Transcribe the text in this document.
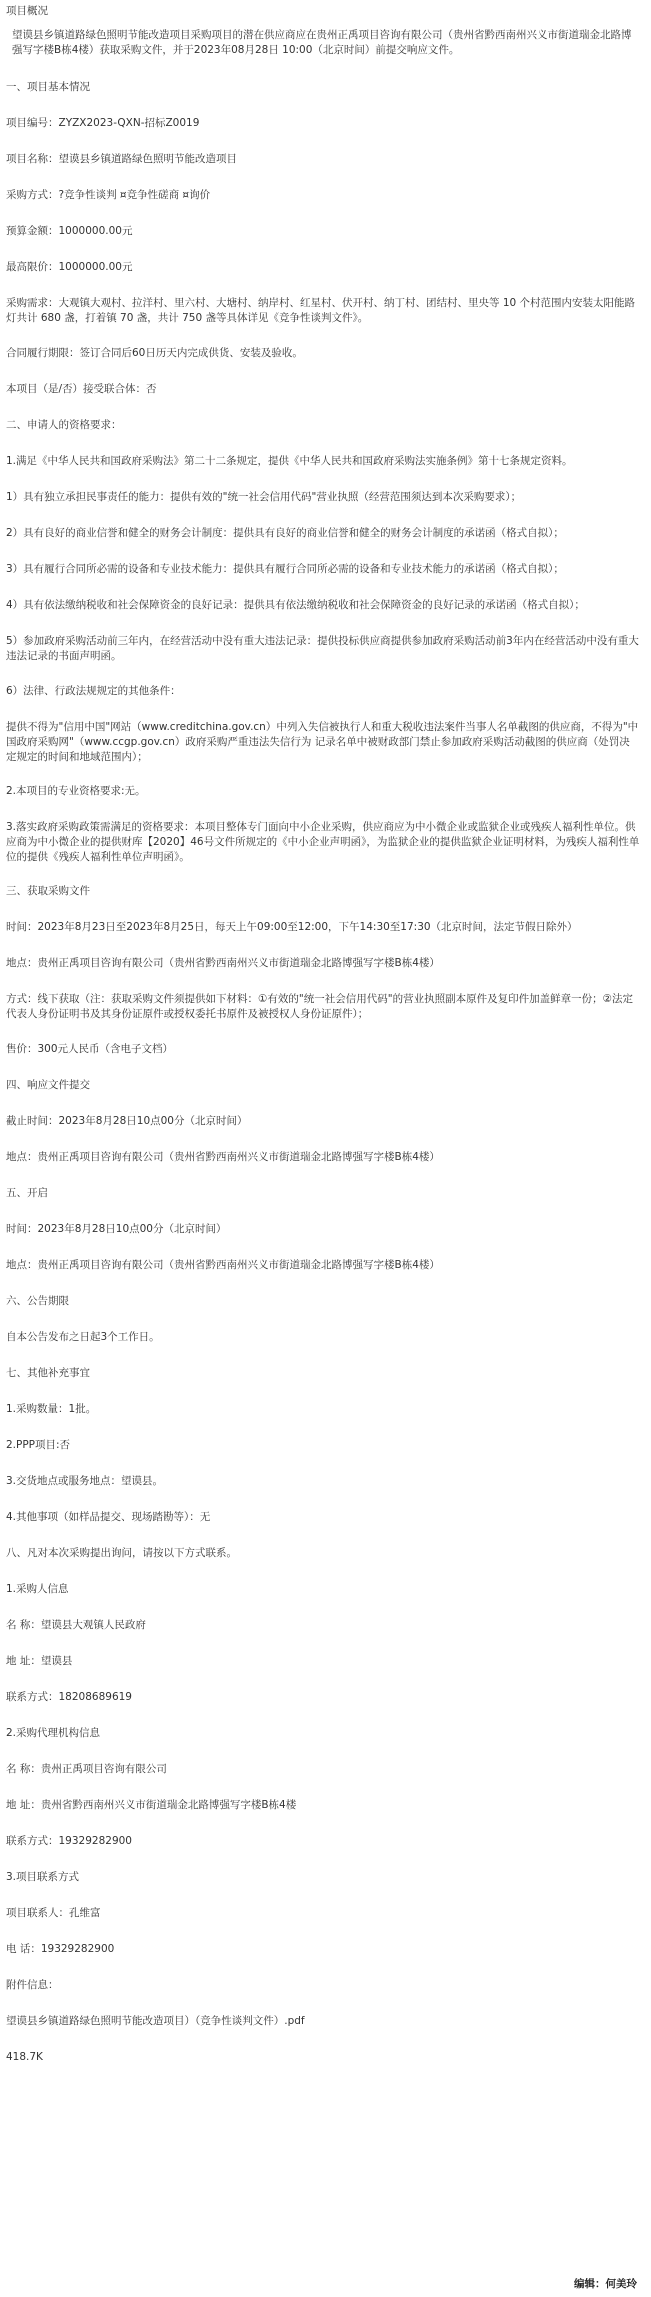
项目概况

望谟县乡镇道路绿色照明节能改造项目采购项目的潜在供应商应在贵州正禹项目咨询有限公司（贵州省黔西南州兴义市街道瑞金北路博强写字楼B栋4楼）获取采购文件，并于2023年08月28日 10:00（北京时间）前提交响应文件。

一、项目基本情况

项目编号：ZYZX2023-QXN-招标Z0019

项目名称：望谟县乡镇道路绿色照明节能改造项目

采购方式：?竞争性谈判 ¤竞争性磋商 ¤询价

预算金额：1000000.00元

最高限价：1000000.00元

采购需求：大观镇大观村、拉洋村、里六村、大塘村、纳岸村、红星村、伏开村、纳丁村、团结村、里央等 10 个村范围内安装太阳能路灯共计 680 盏，打着镇 70 盏，共计 750 盏等具体详见《竞争性谈判文件》。

合同履行期限：签订合同后60日历天内完成供货、安装及验收。

本项目（是/否）接受联合体：否

二、申请人的资格要求：

1.满足《中华人民共和国政府采购法》第二十二条规定，提供《中华人民共和国政府采购法实施条例》第十七条规定资料。

1）具有独立承担民事责任的能力：提供有效的"统一社会信用代码"营业执照（经营范围须达到本次采购要求）；

2）具有良好的商业信誉和健全的财务会计制度：提供具有良好的商业信誉和健全的财务会计制度的承诺函（格式自拟）；

3）具有履行合同所必需的设备和专业技术能力：提供具有履行合同所必需的设备和专业技术能力的承诺函（格式自拟）；

4）具有依法缴纳税收和社会保障资金的良好记录：提供具有依法缴纳税收和社会保障资金的良好记录的承诺函（格式自拟）；

5）参加政府采购活动前三年内，在经营活动中没有重大违法记录：提供投标供应商提供参加政府采购活动前3年内在经营活动中没有重大违法记录的书面声明函。

6）法律、行政法规规定的其他条件：

提供不得为"信用中国"网站（www.creditchina.gov.cn）中列入失信被执行人和重大税收违法案件当事人名单截图的供应商，不得为"中国政府采购网"（www.ccgp.gov.cn）政府采购严重违法失信行为 记录名单中被财政部门禁止参加政府采购活动截图的供应商（处罚决定规定的时间和地域范围内）；

2.本项目的专业资格要求:无。

3.落实政府采购政策需满足的资格要求：本项目整体专门面向中小企业采购，供应商应为中小微企业或监狱企业或残疾人福利性单位。供应商为中小微企业的提供财库【2020】46号文件所规定的《中小企业声明函》，为监狱企业的提供监狱企业证明材料，为残疾人福利性单位的提供《残疾人福利性单位声明函》。

三、获取采购文件

时间：2023年8月23日至2023年8月25日，每天上午09:00至12:00，下午14:30至17:30（北京时间，法定节假日除外）

地点：贵州正禹项目咨询有限公司（贵州省黔西南州兴义市街道瑞金北路博强写字楼B栋4楼）

方式：线下获取（注：获取采购文件须提供如下材料：①有效的"统一社会信用代码"的营业执照副本原件及复印件加盖鲜章一份；②法定代表人身份证明书及其身份证原件或授权委托书原件及被授权人身份证原件）；

售价：300元人民币（含电子文档）

四、响应文件提交

截止时间：2023年8月28日10点00分（北京时间）

地点：贵州正禹项目咨询有限公司（贵州省黔西南州兴义市街道瑞金北路博强写字楼B栋4楼）

五、开启

时间：2023年8月28日10点00分（北京时间）

地点：贵州正禹项目咨询有限公司（贵州省黔西南州兴义市街道瑞金北路博强写字楼B栋4楼）

六、公告期限

自本公告发布之日起3个工作日。

七、其他补充事宜

1.采购数量：1批。

2.PPP项目:否

3.交货地点或服务地点：望谟县。

4.其他事项（如样品提交、现场踏勘等）：无

八、凡对本次采购提出询问，请按以下方式联系。

1.采购人信息

名 称：望谟县大观镇人民政府

地 址：望谟县

联系方式：18208689619

2.采购代理机构信息

名 称：贵州正禹项目咨询有限公司

地 址：贵州省黔西南州兴义市街道瑞金北路博强写字楼B栋4楼

联系方式：19329282900

3.项目联系方式

项目联系人：孔维富

电 话：19329282900

附件信息：

望谟县乡镇道路绿色照明节能改造项目）（竞争性谈判文件）.pdf

418.7K

编辑：何美玲
